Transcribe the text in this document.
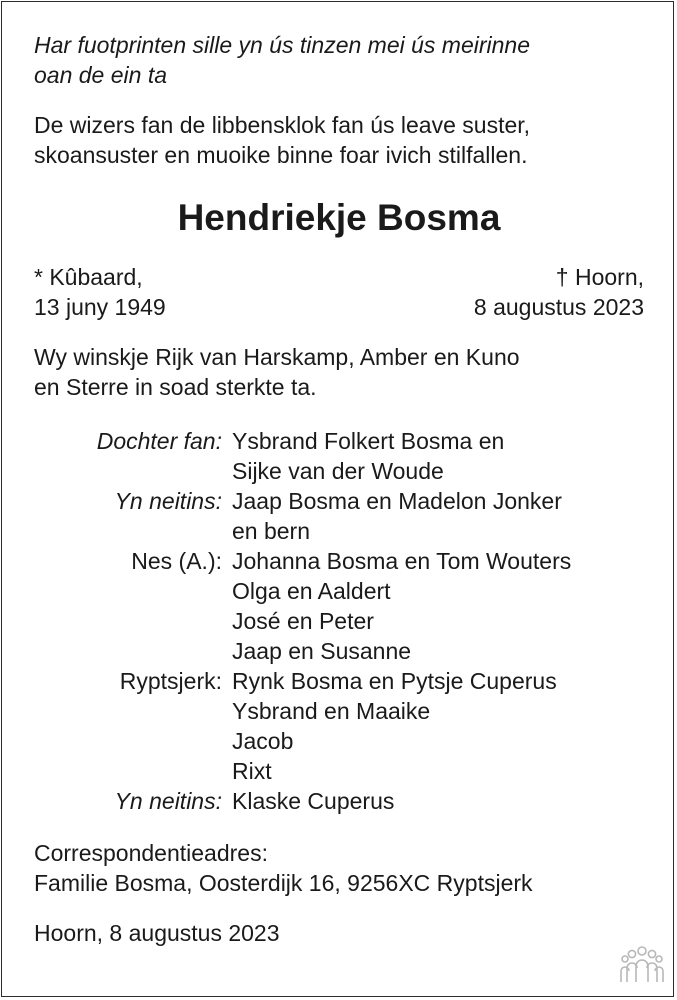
Har fuotprinten sille yn ús tinzen mei ús meirinne
oan de ein ta

De wizers fan de libbensklok fan ús leave suster,
skoansuster en muoike binne foar ivich stilfallen.

Hendriekje Bosma
* Kûbaard,
13 juny 1949
† Hoorn,
8 augustus 2023

Wy winskje Rijk van Harskamp, Amber en Kuno
en Sterre in soad sterkte ta.

Dochter fan: Ysbrand Folkert Bosma en
Sijke van der Woude
Yn neitins: Jaap Bosma en Madelon Jonker
en bern
Nes (A.): Johanna Bosma en Tom Wouters
Olga en Aaldert
José en Peter
Jaap en Susanne
Ryptsjerk: Rynk Bosma en Pytsje Cuperus
Ysbrand en Maaike
Jacob
Rixt
Yn neitins: Klaske Cuperus
Correspondentieadres:
Familie Bosma, Oosterdijk 16, 9256XC Ryptsjerk
Hoorn, 8 augustus 2023
